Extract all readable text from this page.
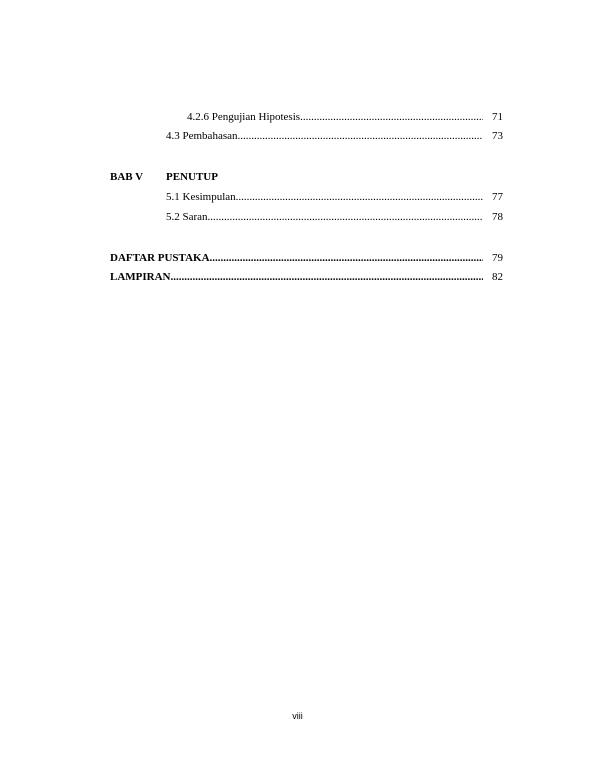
4.2.6 Pengujian Hipotesis .....	71
4.3 Pembahasan .....	73
BAB V PENUTUP
5.1 Kesimpulan .....	77
5.2 Saran .....	78
DAFTAR PUSTAKA .....	79
LAMPIRAN .....	82
viii
